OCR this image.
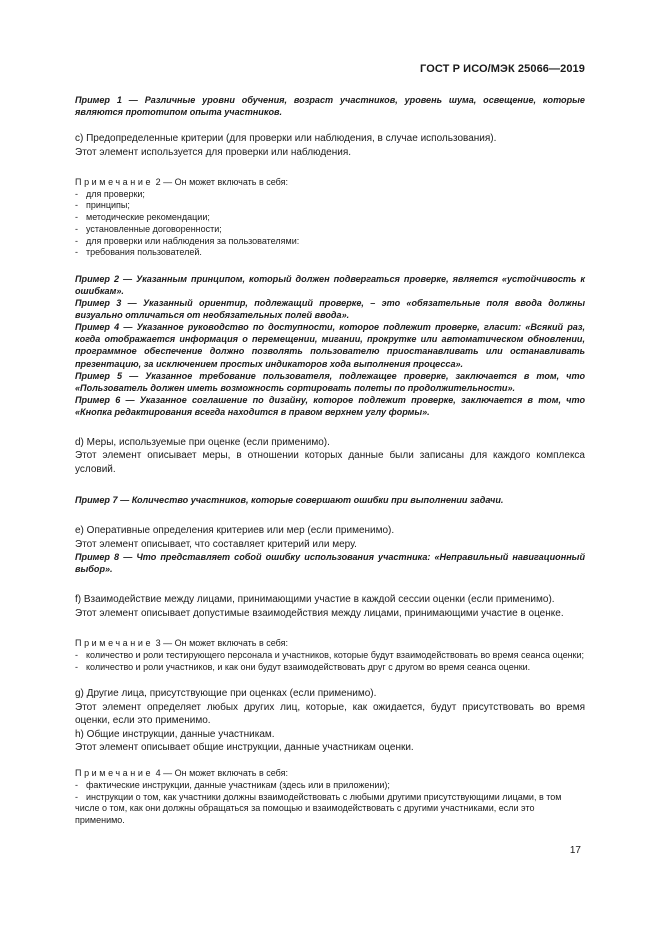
ГОСТ Р ИСО/МЭК 25066—2019

Пример 1 — Различные уровни обучения, возраст участников, уровень шума, освещение, которые являются прототипом опыта участников.

c) Предопределенные критерии (для проверки или наблюдения, в случае использования).

Этот элемент используется для проверки или наблюдения.

Примечание 2 — Он может включать в себя:

- для проверки;

- принципы;

- методические рекомендации;

- установленные договоренности;

- для проверки или наблюдения за пользователями:

- требования пользователей.

Пример 2 — Указанным принципом, который должен подвергаться проверке, является «устойчивость к ошибкам».

Пример 3 — Указанный ориентир, подлежащий проверке, – это «обязательные поля ввода должны визуально отличаться от необязательных полей ввода».

Пример 4 — Указанное руководство по доступности, которое подлежит проверке, гласит: «Всякий раз, когда отображается информация о перемещении, мигании, прокрутке или автоматическом обновлении, программное обеспечение должно позволять пользователю приостанавливать или останавливать презентацию, за исключением простых индикаторов хода выполнения процесса».

Пример 5 — Указанное требование пользователя, подлежащее проверке, заключается в том, что «Пользователь должен иметь возможность сортировать полеты по продолжительности».

Пример 6 — Указанное соглашение по дизайну, которое подлежит проверке, заключается в том, что «Кнопка редактирования всегда находится в правом верхнем углу формы».

d) Меры, используемые при оценке (если применимо).

Этот элемент описывает меры, в отношении которых данные были записаны для каждого комплекса условий.

Пример 7 — Количество участников, которые совершают ошибки при выполнении задачи.

e) Оперативные определения критериев или мер (если применимо).

Этот элемент описывает, что составляет критерий или меру.

Пример 8 — Что представляет собой ошибку использования участника: «Неправильный навигационный выбор».

f) Взаимодействие между лицами, принимающими участие в каждой сессии оценки (если применимо).

Этот элемент описывает допустимые взаимодействия между лицами, принимающими участие в оценке.

Примечание 3 — Он может включать в себя:

- количество и роли тестирующего персонала и участников, которые будут взаимодействовать во время сеанса оценки;

- количество и роли участников, и как они будут взаимодействовать друг с другом во время сеанса оценки.

g) Другие лица, присутствующие при оценках (если применимо).

Этот элемент определяет любых других лиц, которые, как ожидается, будут присутствовать во время оценки, если это применимо.

h) Общие инструкции, данные участникам.

Этот элемент описывает общие инструкции, данные участникам оценки.

Примечание 4 — Он может включать в себя:

- фактические инструкции, данные участникам (здесь или в приложении);

- инструкции о том, как участники должны взаимодействовать с любыми другими присутствующими лицами, в том числе о том, как они должны обращаться за помощью и взаимодействовать с другими участниками, если это применимо.

17
